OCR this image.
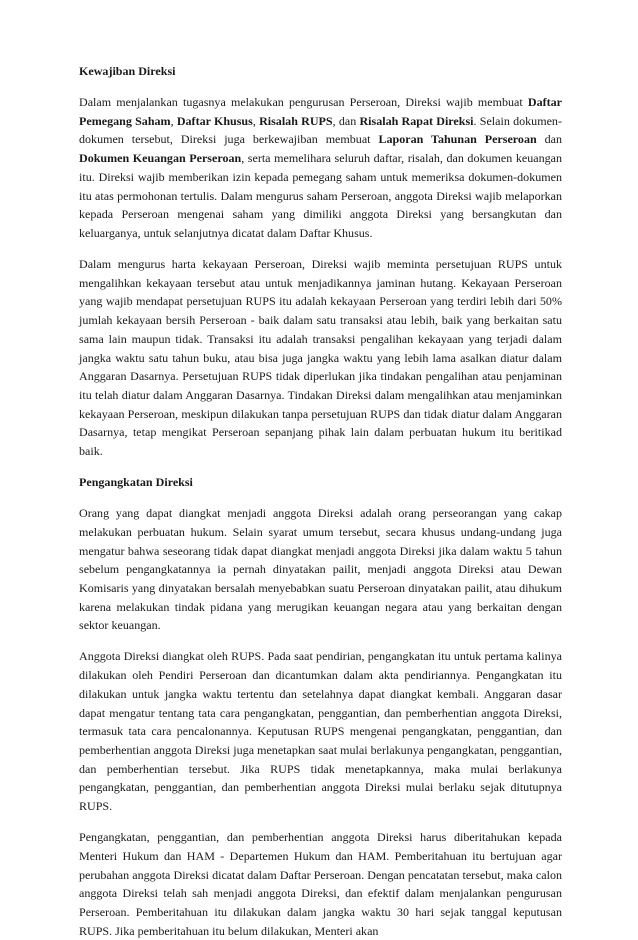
Kewajiban Direksi

Dalam menjalankan tugasnya melakukan pengurusan Perseroan, Direksi wajib membuat Daftar Pemegang Saham, Daftar Khusus, Risalah RUPS, dan Risalah Rapat Direksi. Selain dokumen-dokumen tersebut, Direksi juga berkewajiban membuat Laporan Tahunan Perseroan dan Dokumen Keuangan Perseroan, serta memelihara seluruh daftar, risalah, dan dokumen keuangan itu. Direksi wajib memberikan izin kepada pemegang saham untuk memeriksa dokumen-dokumen itu atas permohonan tertulis. Dalam mengurus saham Perseroan, anggota Direksi wajib melaporkan kepada Perseroan mengenai saham yang dimiliki anggota Direksi yang bersangkutan dan keluarganya, untuk selanjutnya dicatat dalam Daftar Khusus.

Dalam mengurus harta kekayaan Perseroan, Direksi wajib meminta persetujuan RUPS untuk mengalihkan kekayaan tersebut atau untuk menjadikannya jaminan hutang. Kekayaan Perseroan yang wajib mendapat persetujuan RUPS itu adalah kekayaan Perseroan yang terdiri lebih dari 50% jumlah kekayaan bersih Perseroan - baik dalam satu transaksi atau lebih, baik yang berkaitan satu sama lain maupun tidak. Transaksi itu adalah transaksi pengalihan kekayaan yang terjadi dalam jangka waktu satu tahun buku, atau bisa juga jangka waktu yang lebih lama asalkan diatur dalam Anggaran Dasarnya. Persetujuan RUPS tidak diperlukan jika tindakan pengalihan atau penjaminan itu telah diatur dalam Anggaran Dasarnya. Tindakan Direksi dalam mengalihkan atau menjaminkan kekayaan Perseroan, meskipun dilakukan tanpa persetujuan RUPS dan tidak diatur dalam Anggaran Dasarnya, tetap mengikat Perseroan sepanjang pihak lain dalam perbuatan hukum itu beritikad baik.

Pengangkatan Direksi

Orang yang dapat diangkat menjadi anggota Direksi adalah orang perseorangan yang cakap melakukan perbuatan hukum. Selain syarat umum tersebut, secara khusus undang-undang juga mengatur bahwa seseorang tidak dapat diangkat menjadi anggota Direksi jika dalam waktu 5 tahun sebelum pengangkatannya ia pernah dinyatakan pailit, menjadi anggota Direksi atau Dewan Komisaris yang dinyatakan bersalah menyebabkan suatu Perseroan dinyatakan pailit, atau dihukum karena melakukan tindak pidana yang merugikan keuangan negara atau yang berkaitan dengan sektor keuangan.

Anggota Direksi diangkat oleh RUPS. Pada saat pendirian, pengangkatan itu untuk pertama kalinya dilakukan oleh Pendiri Perseroan dan dicantumkan dalam akta pendiriannya. Pengangkatan itu dilakukan untuk jangka waktu tertentu dan setelahnya dapat diangkat kembali. Anggaran dasar dapat mengatur tentang tata cara pengangkatan, penggantian, dan pemberhentian anggota Direksi, termasuk tata cara pencalonannya. Keputusan RUPS mengenai pengangkatan, penggantian, dan pemberhentian anggota Direksi juga menetapkan saat mulai berlakunya pengangkatan, penggantian, dan pemberhentian tersebut. Jika RUPS tidak menetapkannya, maka mulai berlakunya pengangkatan, penggantian, dan pemberhentian anggota Direksi mulai berlaku sejak ditutupnya RUPS.

Pengangkatan, penggantian, dan pemberhentian anggota Direksi harus diberitahukan kepada Menteri Hukum dan HAM - Departemen Hukum dan HAM. Pemberitahuan itu bertujuan agar perubahan anggota Direksi dicatat dalam Daftar Perseroan. Dengan pencatatan tersebut, maka calon anggota Direksi telah sah menjadi anggota Direksi, dan efektif dalam menjalankan pengurusan Perseroan. Pemberitahuan itu dilakukan dalam jangka waktu 30 hari sejak tanggal keputusan RUPS. Jika pemberitahuan itu belum dilakukan, Menteri akan
